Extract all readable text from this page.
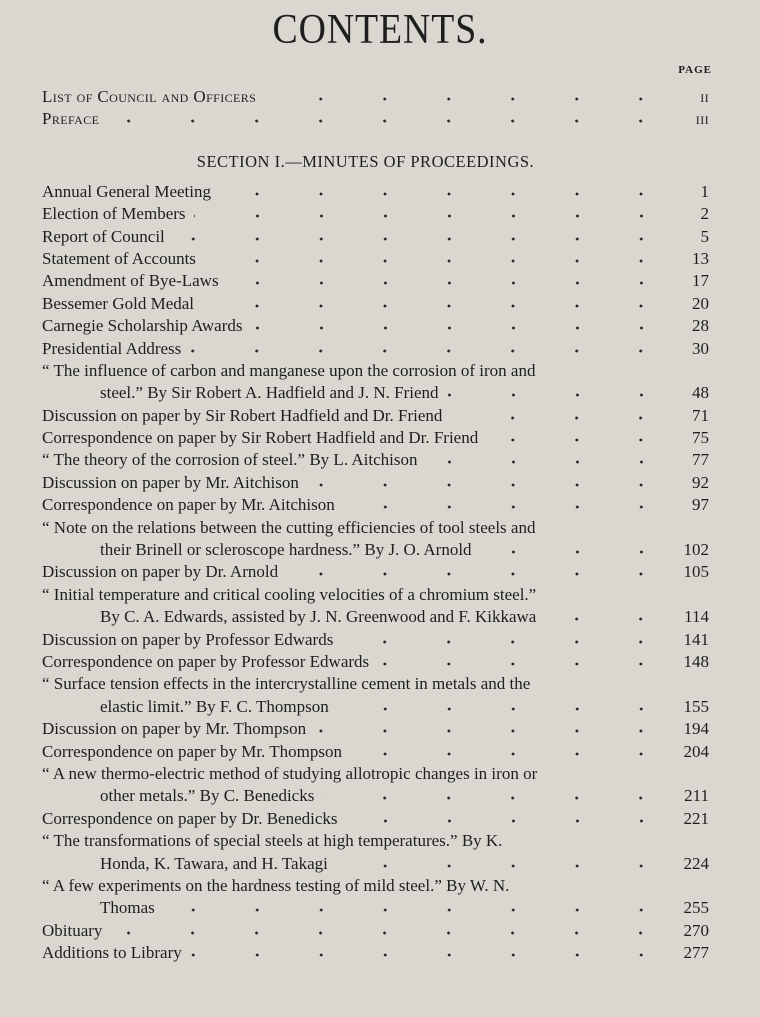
CONTENTS.
PAGE
List of Council and Officers	ii
Preface	iii
SECTION I.—MINUTES OF PROCEEDINGS.
Annual General Meeting	1
Election of Members	2
Report of Council	5
Statement of Accounts	13
Amendment of Bye-Laws	17
Bessemer Gold Medal	20
Carnegie Scholarship Awards	28
Presidential Address	30
“ The influence of carbon and manganese upon the corrosion of iron and
steel.” By Sir Robert A. Hadfield and J. N. Friend	48
Discussion on paper by Sir Robert Hadfield and Dr. Friend	71
Correspondence on paper by Sir Robert Hadfield and Dr. Friend	75
“ The theory of the corrosion of steel.” By L. Aitchison	77
Discussion on paper by Mr. Aitchison	92
Correspondence on paper by Mr. Aitchison	97
“ Note on the relations between the cutting efficiencies of tool steels and
their Brinell or scleroscope hardness.” By J. O. Arnold	102
Discussion on paper by Dr. Arnold	105
“ Initial temperature and critical cooling velocities of a chromium steel.”
By C. A. Edwards, assisted by J. N. Greenwood and F. Kikkawa	114
Discussion on paper by Professor Edwards	141
Correspondence on paper by Professor Edwards	148
“ Surface tension effects in the intercrystalline cement in metals and the
elastic limit.” By F. C. Thompson	155
Discussion on paper by Mr. Thompson	194
Correspondence on paper by Mr. Thompson	204
“ A new thermo-electric method of studying allotropic changes in iron or
other metals.” By C. Benedicks	211
Correspondence on paper by Dr. Benedicks	221
“ The transformations of special steels at high temperatures.” By K.
Honda, K. Tawara, and H. Takagi	224
“ A few experiments on the hardness testing of mild steel.” By W. N.
Thomas	255
Obituary	270
Additions to Library	277
